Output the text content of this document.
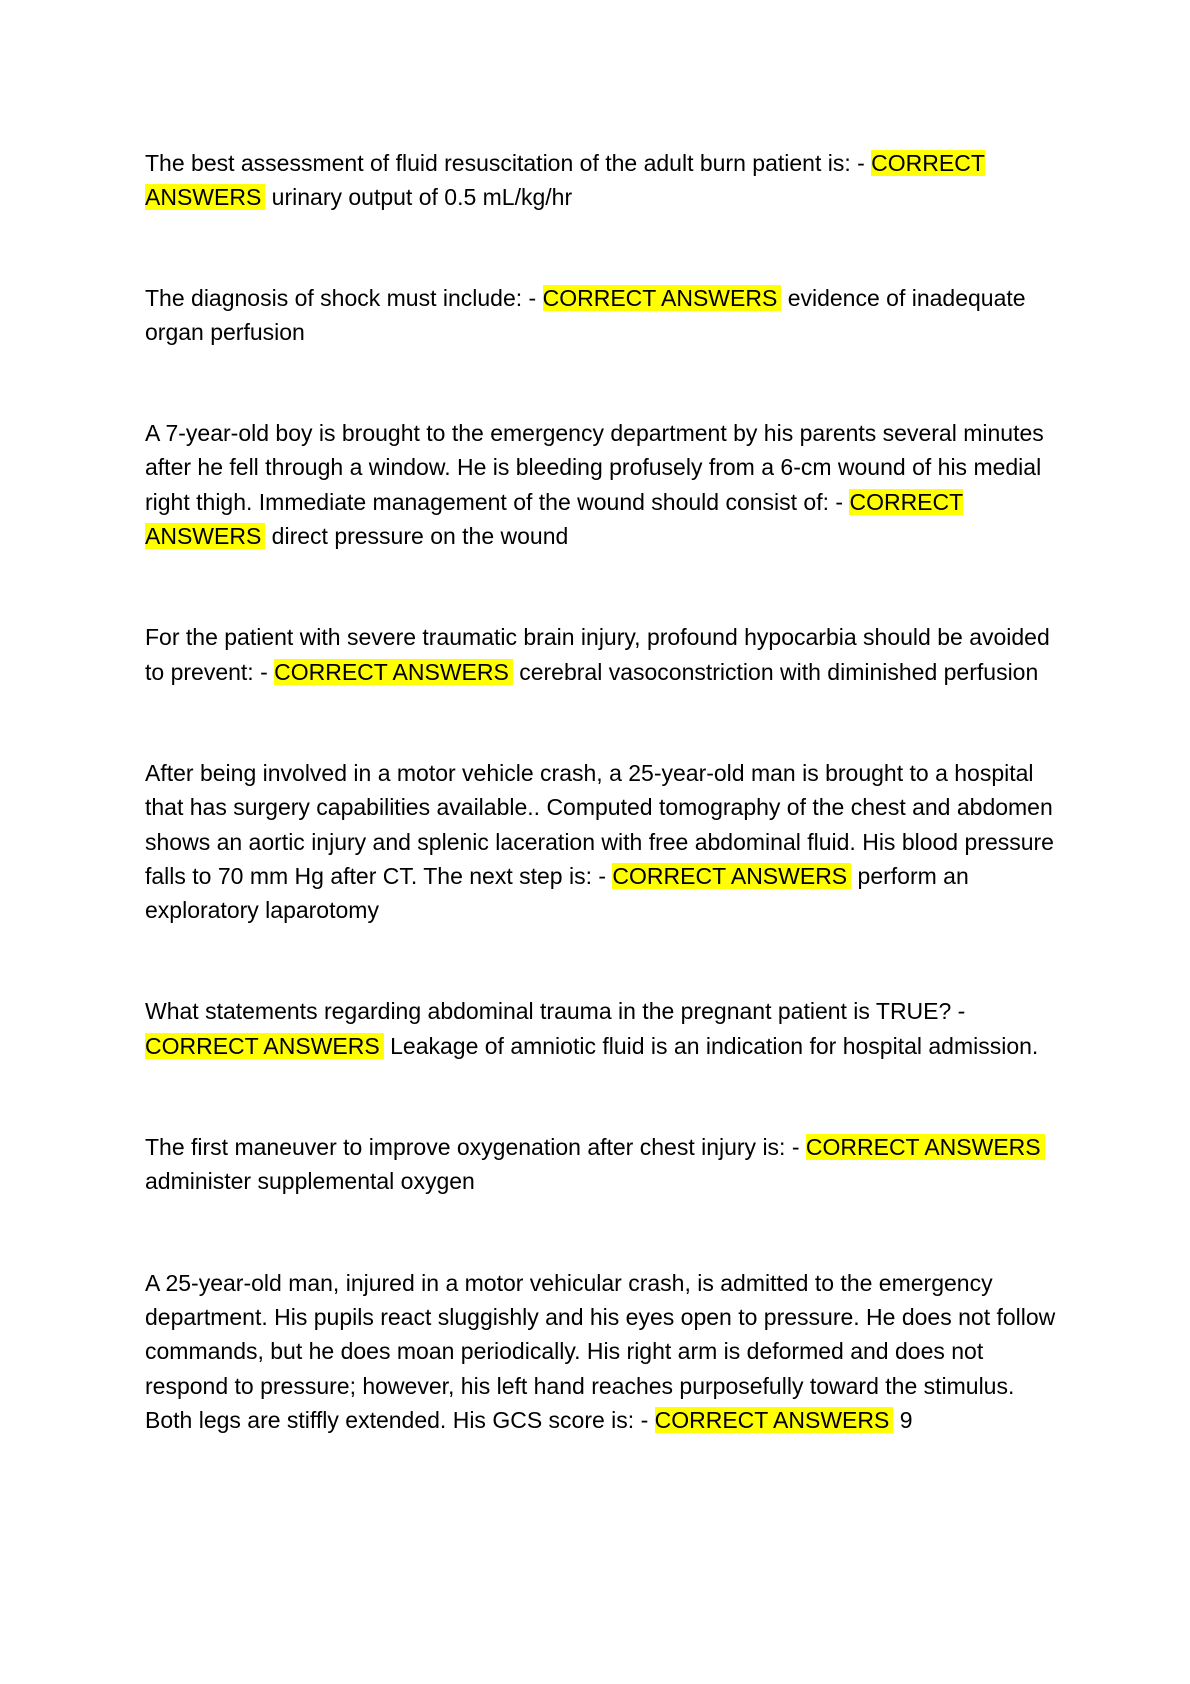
The best assessment of fluid resuscitation of the adult burn patient is: - CORRECT ANSWERS urinary output of 0.5 mL/kg/hr

The diagnosis of shock must include: - CORRECT ANSWERS evidence of inadequate organ perfusion

A 7-year-old boy is brought to the emergency department by his parents several minutes after he fell through a window. He is bleeding profusely from a 6-cm wound of his medial right thigh. Immediate management of the wound should consist of: - CORRECT ANSWERS direct pressure on the wound

For the patient with severe traumatic brain injury, profound hypocarbia should be avoided to prevent: - CORRECT ANSWERS cerebral vasoconstriction with diminished perfusion

After being involved in a motor vehicle crash, a 25-year-old man is brought to a hospital that has surgery capabilities available.. Computed tomography of the chest and abdomen shows an aortic injury and splenic laceration with free abdominal fluid. His blood pressure falls to 70 mm Hg after CT. The next step is: - CORRECT ANSWERS perform an exploratory laparotomy

What statements regarding abdominal trauma in the pregnant patient is TRUE? - CORRECT ANSWERS Leakage of amniotic fluid is an indication for hospital admission.

The first maneuver to improve oxygenation after chest injury is: - CORRECT ANSWERS administer supplemental oxygen

A 25-year-old man, injured in a motor vehicular crash, is admitted to the emergency department. His pupils react sluggishly and his eyes open to pressure. He does not follow commands, but he does moan periodically. His right arm is deformed and does not respond to pressure; however, his left hand reaches purposefully toward the stimulus. Both legs are stiffly extended. His GCS score is: - CORRECT ANSWERS 9
